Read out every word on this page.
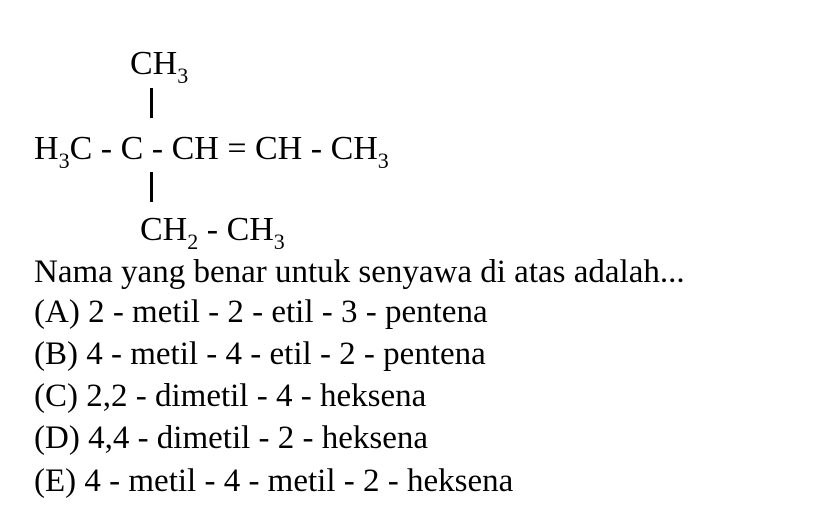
$CH_3$
$H_3C$ - C - CH = CH - $CH_3$
$CH_2 - CH_3$
Nama yang benar untuk senyawa di atas adalah...
(A) 2 - metil - 2 - etil - 3 - pentena
(B) 4 - metil - 4 - etil - 2 - pentena
(C) 2,2 - dimetil - 4 - heksena
(D) 4,4 - dimetil - 2 - heksena
(E) 4 - metil - 4 - metil - 2 - heksena
